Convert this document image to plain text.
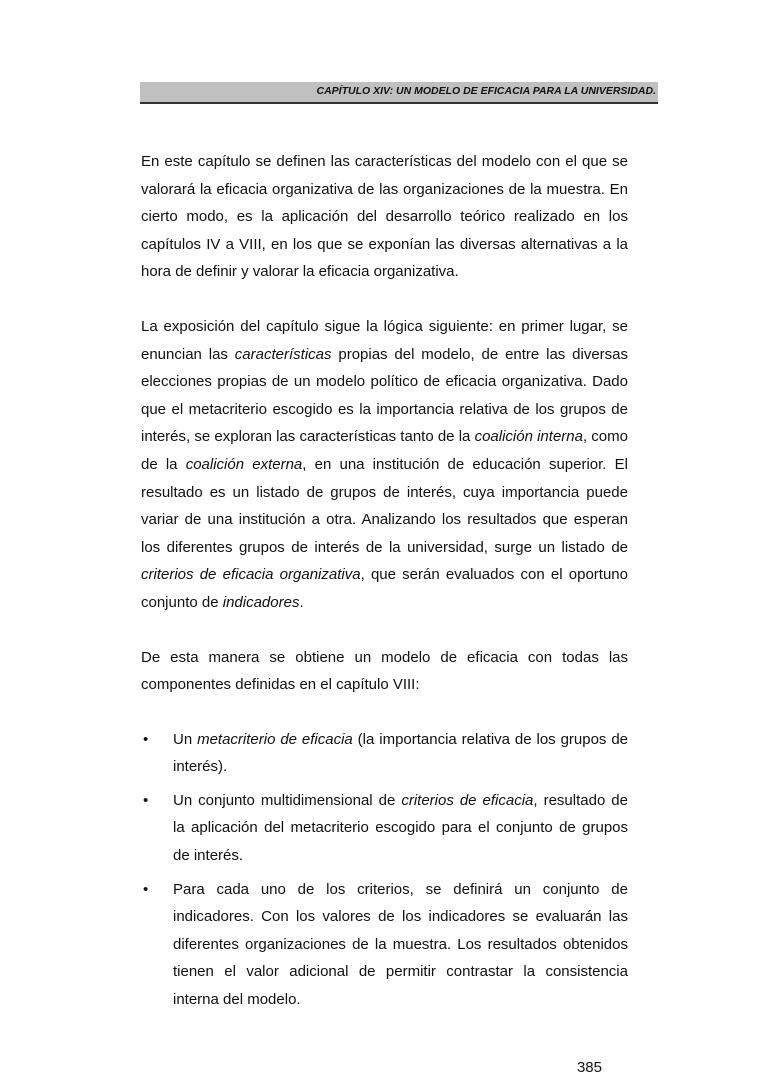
CAPÍTULO XIV: UN MODELO DE EFICACIA PARA LA UNIVERSIDAD.

En este capítulo se definen las características del modelo con el que se valorará la eficacia organizativa de las organizaciones de la muestra. En cierto modo, es la aplicación del desarrollo teórico realizado en los capítulos IV a VIII, en los que se exponían las diversas alternativas a la hora de definir y valorar la eficacia organizativa.

La exposición del capítulo sigue la lógica siguiente: en primer lugar, se enuncian las características propias del modelo, de entre las diversas elecciones propias de un modelo político de eficacia organizativa. Dado que el metacriterio escogido es la importancia relativa de los grupos de interés, se exploran las características tanto de la coalición interna, como de la coalición externa, en una institución de educación superior. El resultado es un listado de grupos de interés, cuya importancia puede variar de una institución a otra. Analizando los resultados que esperan los diferentes grupos de interés de la universidad, surge un listado de criterios de eficacia organizativa, que serán evaluados con el oportuno conjunto de indicadores.

De esta manera se obtiene un modelo de eficacia con todas las componentes definidas en el capítulo VIII:

• Un metacriterio de eficacia (la importancia relativa de los grupos de interés).
• Un conjunto multidimensional de criterios de eficacia, resultado de la aplicación del metacriterio escogido para el conjunto de grupos de interés.
• Para cada uno de los criterios, se definirá un conjunto de indicadores. Con los valores de los indicadores se evaluarán las diferentes organizaciones de la muestra. Los resultados obtenidos tienen el valor adicional de permitir contrastar la consistencia interna del modelo.
385
